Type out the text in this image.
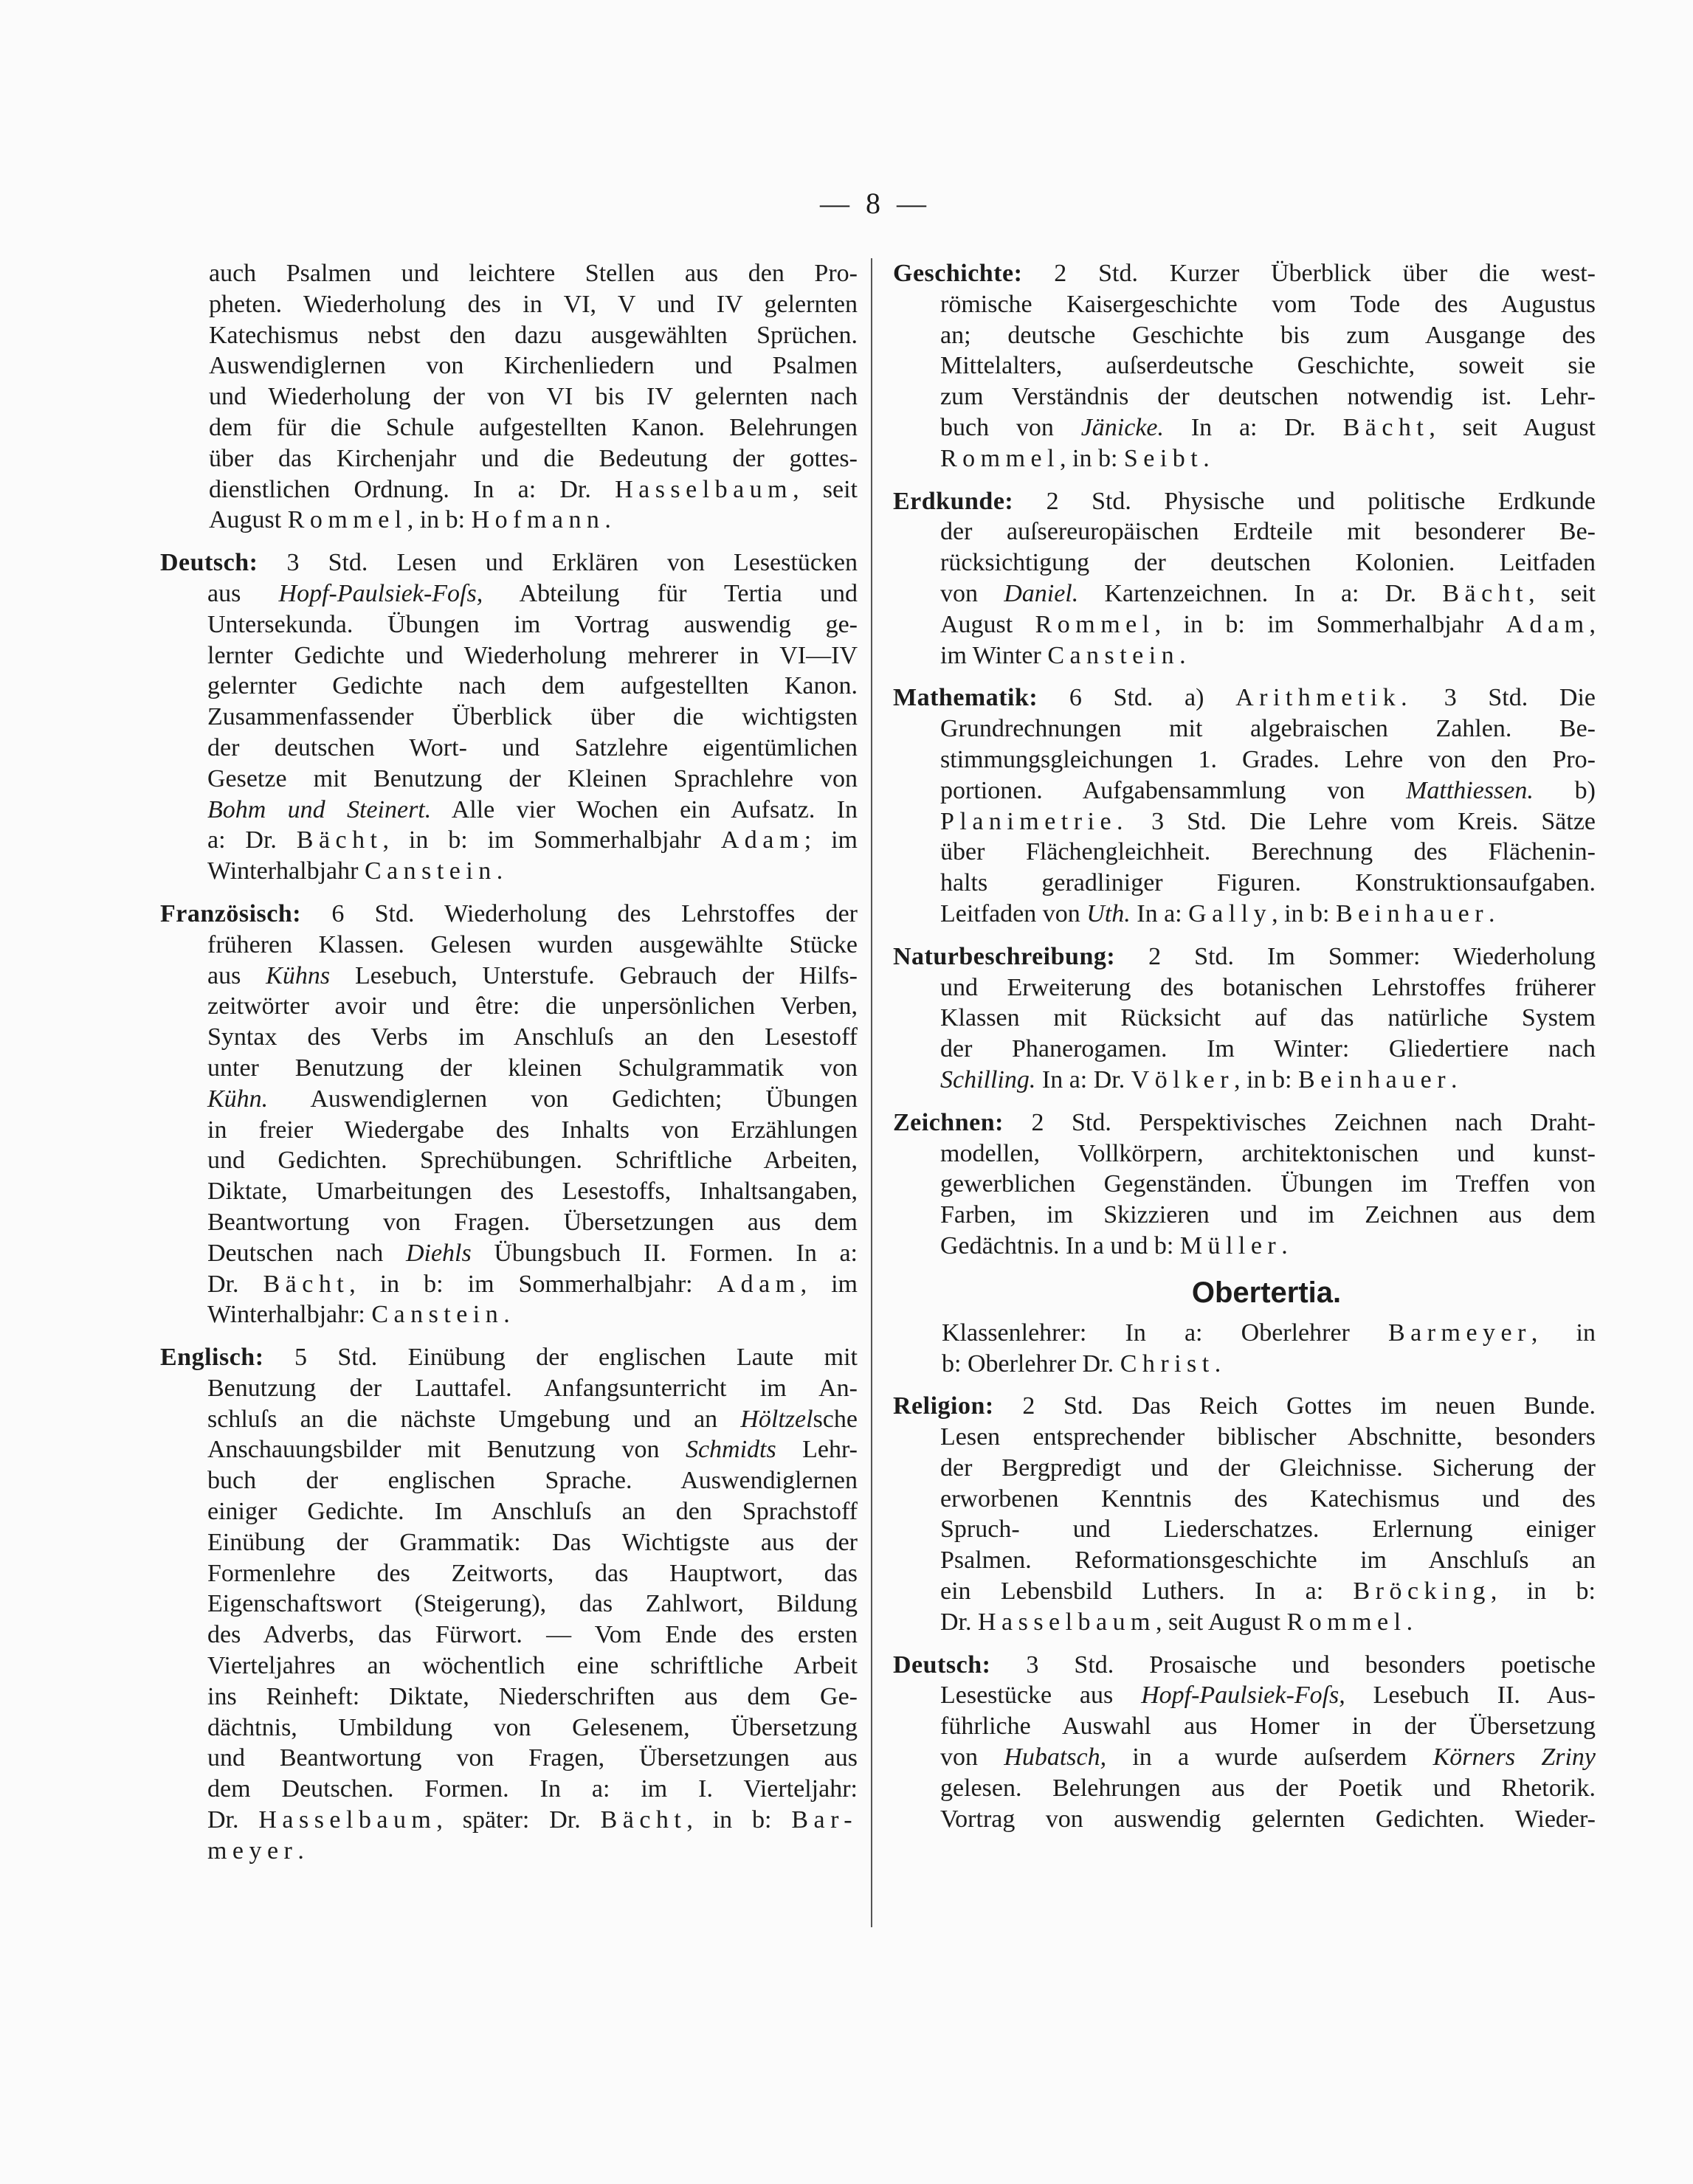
— 8 —
auch Psalmen und leichtere Stellen aus den Pro-
pheten. Wiederholung des in VI, V und IV gelernten
Katechismus nebst den dazu ausgewählten Sprüchen.
Auswendiglernen von Kirchenliedern und Psalmen
und Wiederholung der von VI bis IV gelernten nach
dem für die Schule aufgestellten Kanon. Belehrungen
über das Kirchenjahr und die Bedeutung der gottes-
dienstlichen Ordnung. In a: Dr. Hasselbaum, seit
August Rommel, in b: Hofmann.
Deutsch: 3 Std. Lesen und Erklären von Lesestücken
aus Hopf-Paulsiek-Foſs, Abteilung für Tertia und
Untersekunda. Übungen im Vortrag auswendig ge-
lernter Gedichte und Wiederholung mehrerer in VI—IV
gelernter Gedichte nach dem aufgestellten Kanon.
Zusammenfassender Überblick über die wichtigsten
der deutschen Wort- und Satzlehre eigentümlichen
Gesetze mit Benutzung der Kleinen Sprachlehre von
Bohm und Steinert. Alle vier Wochen ein Aufsatz. In
a: Dr. Bächt, in b: im Sommerhalbjahr Adam; im
Winterhalbjahr Canstein.
Französisch: 6 Std. Wiederholung des Lehrstoffes der
früheren Klassen. Gelesen wurden ausgewählte Stücke
aus Kühns Lesebuch, Unterstufe. Gebrauch der Hilfs-
zeitwörter avoir und être: die unpersönlichen Verben,
Syntax des Verbs im Anschluſs an den Lesestoff
unter Benutzung der kleinen Schulgrammatik von
Kühn. Auswendiglernen von Gedichten; Übungen
in freier Wiedergabe des Inhalts von Erzählungen
und Gedichten. Sprechübungen. Schriftliche Arbeiten,
Diktate, Umarbeitungen des Lesestoffs, Inhaltsangaben,
Beantwortung von Fragen. Übersetzungen aus dem
Deutschen nach Diehls Übungsbuch II. Formen. In a:
Dr. Bächt, in b: im Sommerhalbjahr: Adam, im
Winterhalbjahr: Canstein.
Englisch: 5 Std. Einübung der englischen Laute mit
Benutzung der Lauttafel. Anfangsunterricht im An-
schluſs an die nächste Umgebung und an Höltzelsche
Anschauungsbilder mit Benutzung von Schmidts Lehr-
buch der englischen Sprache. Auswendiglernen
einiger Gedichte. Im Anschluſs an den Sprachstoff
Einübung der Grammatik: Das Wichtigste aus der
Formenlehre des Zeitworts, das Hauptwort, das
Eigenschaftswort (Steigerung), das Zahlwort, Bildung
des Adverbs, das Fürwort. — Vom Ende des ersten
Vierteljahres an wöchentlich eine schriftliche Arbeit
ins Reinheft: Diktate, Niederschriften aus dem Ge-
dächtnis, Umbildung von Gelesenem, Übersetzung
und Beantwortung von Fragen, Übersetzungen aus
dem Deutschen. Formen. In a: im I. Vierteljahr:
Dr. Hasselbaum, später: Dr. Bächt, in b: Bar-
meyer.
Geschichte: 2 Std. Kurzer Überblick über die west-
römische Kaisergeschichte vom Tode des Augustus
an; deutsche Geschichte bis zum Ausgange des
Mittelalters, auſserdeutsche Geschichte, soweit sie
zum Verständnis der deutschen notwendig ist. Lehr-
buch von Jänicke. In a: Dr. Bächt, seit August
Rommel, in b: Seibt.
Erdkunde: 2 Std. Physische und politische Erdkunde
der auſsereuropäischen Erdteile mit besonderer Be-
rücksichtigung der deutschen Kolonien. Leitfaden
von Daniel. Kartenzeichnen. In a: Dr. Bächt, seit
August Rommel, in b: im Sommerhalbjahr Adam,
im Winter Canstein.
Mathematik: 6 Std. a) Arithmetik. 3 Std. Die
Grundrechnungen mit algebraischen Zahlen. Be-
stimmungsgleichungen 1. Grades. Lehre von den Pro-
portionen. Aufgabensammlung von Matthiessen. b)
Planimetrie. 3 Std. Die Lehre vom Kreis. Sätze
über Flächengleichheit. Berechnung des Flächenin-
halts geradliniger Figuren. Konstruktionsaufgaben.
Leitfaden von Uth. In a: Gally, in b: Beinhauer.
Naturbeschreibung: 2 Std. Im Sommer: Wiederholung
und Erweiterung des botanischen Lehrstoffes früherer
Klassen mit Rücksicht auf das natürliche System
der Phanerogamen. Im Winter: Gliedertiere nach
Schilling. In a: Dr. Völker, in b: Beinhauer.
Zeichnen: 2 Std. Perspektivisches Zeichnen nach Draht-
modellen, Vollkörpern, architektonischen und kunst-
gewerblichen Gegenständen. Übungen im Treffen von
Farben, im Skizzieren und im Zeichnen aus dem
Gedächtnis. In a und b: Müller.
Obertertia.
Klassenlehrer: In a: Oberlehrer Barmeyer, in
b: Oberlehrer Dr. Christ.
Religion: 2 Std. Das Reich Gottes im neuen Bunde.
Lesen entsprechender biblischer Abschnitte, besonders
der Bergpredigt und der Gleichnisse. Sicherung der
erworbenen Kenntnis des Katechismus und des
Spruch- und Liederschatzes. Erlernung einiger
Psalmen. Reformationsgeschichte im Anschluſs an
ein Lebensbild Luthers. In a: Bröcking, in b:
Dr. Hasselbaum, seit August Rommel.
Deutsch: 3 Std. Prosaische und besonders poetische
Lesestücke aus Hopf-Paulsiek-Foſs, Lesebuch II. Aus-
führliche Auswahl aus Homer in der Übersetzung
von Hubatsch, in a wurde auſserdem Körners Zriny
gelesen. Belehrungen aus der Poetik und Rhetorik.
Vortrag von auswendig gelernten Gedichten. Wieder-
